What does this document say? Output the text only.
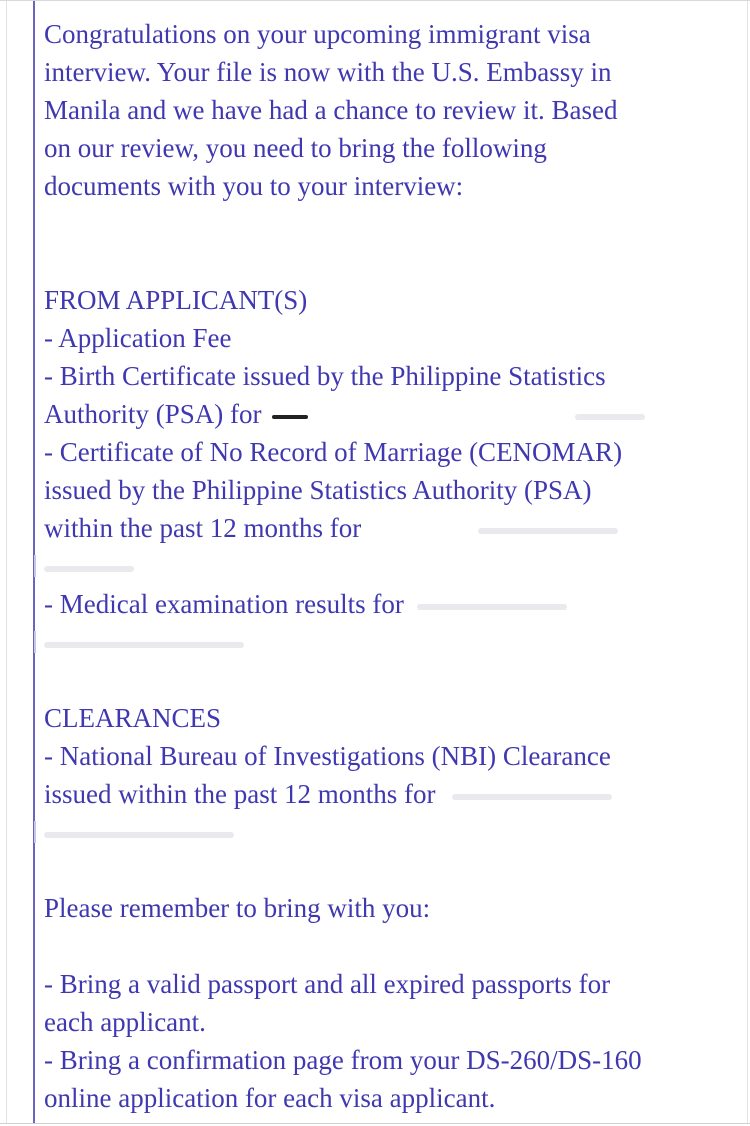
Congratulations on your upcoming immigrant visa
interview. Your file is now with the U.S. Embassy in
Manila and we have had a chance to review it. Based
on our review, you need to bring the following
documents with you to your interview:
FROM APPLICANT(S)
- Application Fee
- Birth Certificate issued by the Philippine Statistics
Authority (PSA) for
- Certificate of No Record of Marriage (CENOMAR)
issued by the Philippine Statistics Authority (PSA)
within the past 12 months for
- Medical examination results for
CLEARANCES
- National Bureau of Investigations (NBI) Clearance
issued within the past 12 months for
Please remember to bring with you:
- Bring a valid passport and all expired passports for
each applicant.
- Bring a confirmation page from your DS-260/DS-160
online application for each visa applicant.
